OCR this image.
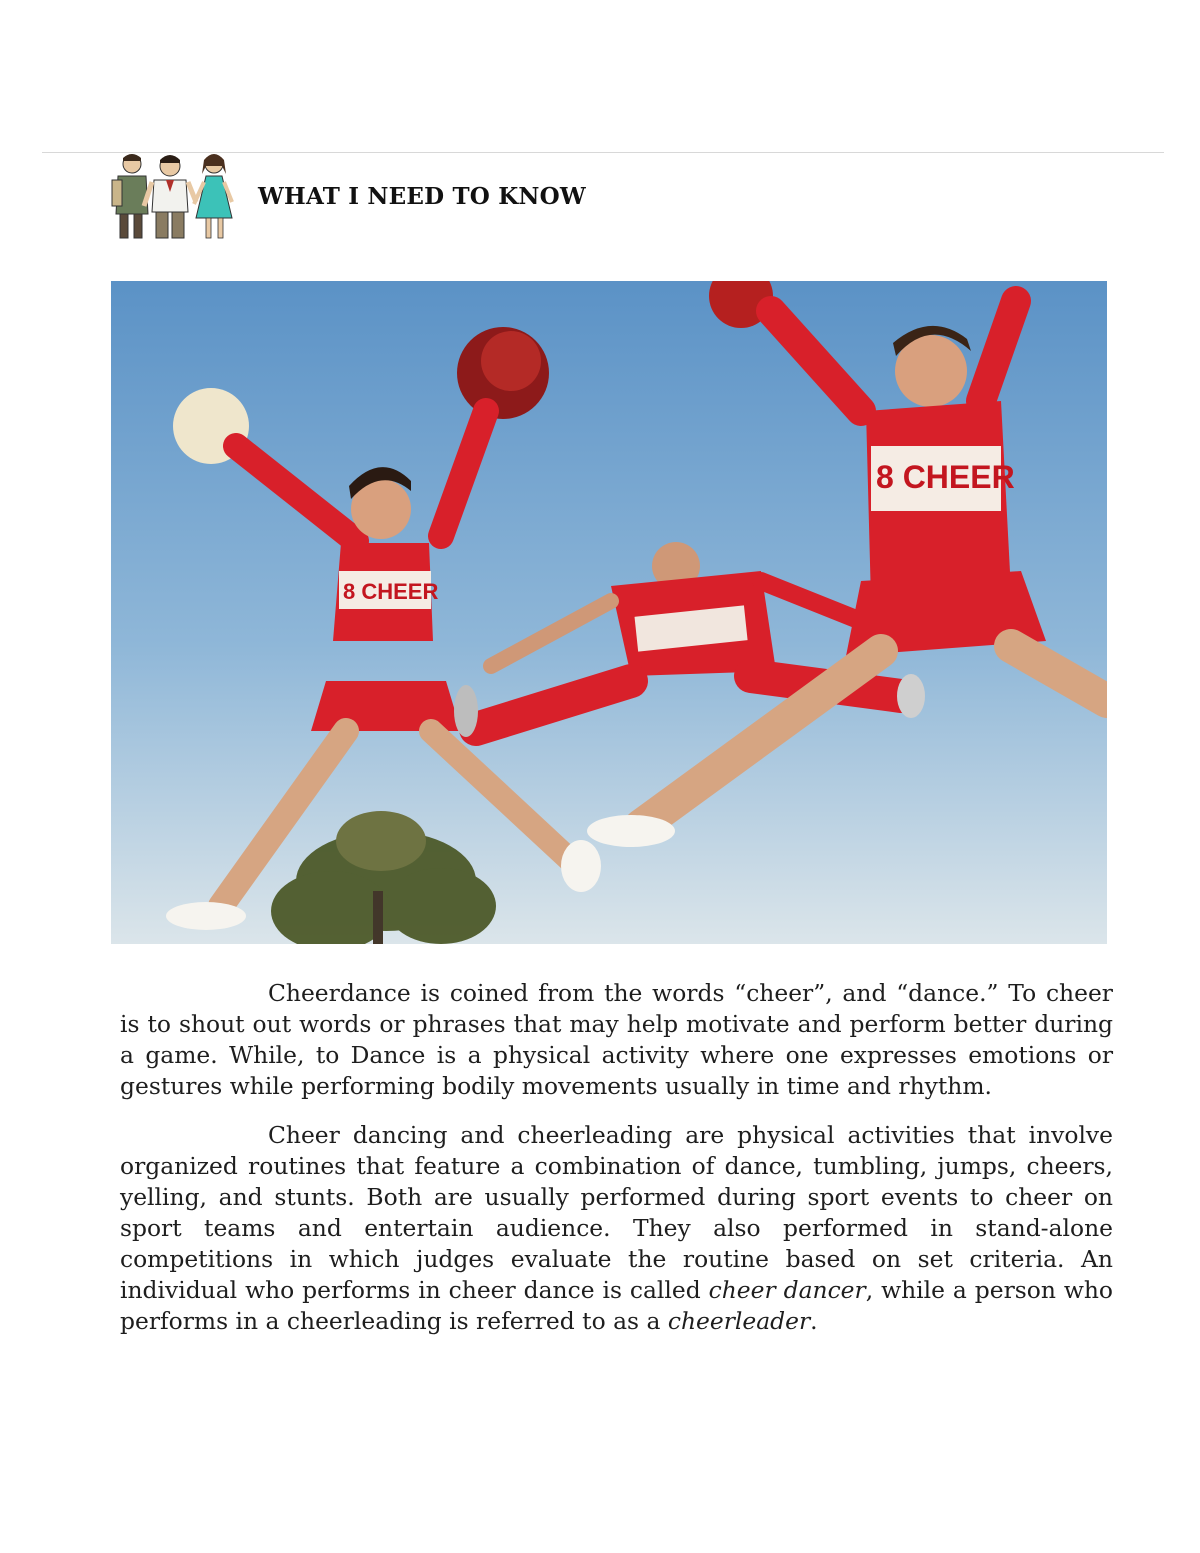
WHAT I NEED TO KNOW
8 CHEER
8 CHEER

Cheerdance is coined from the words “cheer”, and “dance.” To cheer is to shout out words or phrases that may help motivate and perform better during a game. While, to Dance is a physical activity where one expresses emotions or gestures while performing bodily movements usually in time and rhythm.

Cheer dancing and cheerleading are physical activities that involve organized routines that feature a combination of dance, tumbling, jumps, cheers, yelling, and stunts. Both are usually performed during sport events to cheer on sport teams and entertain audience. They also performed in stand-alone competitions in which judges evaluate the routine based on set criteria. An individual who performs in cheer dance is called cheer dancer, while a person who performs in a cheerleading is referred to as a cheerleader.
